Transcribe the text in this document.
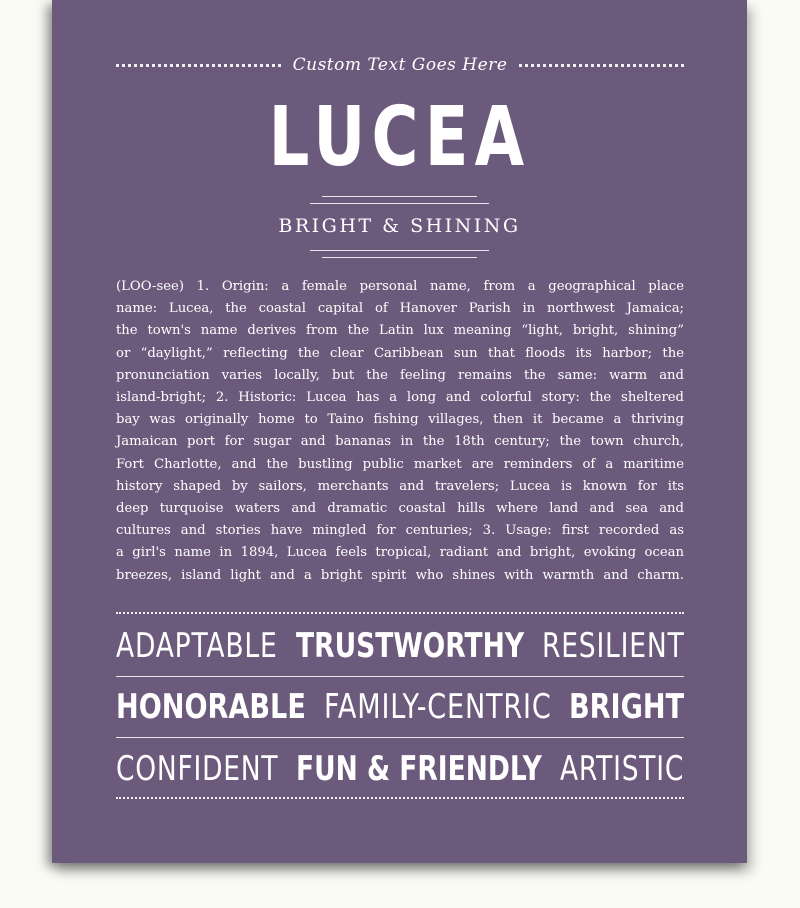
Custom Text Goes Here
LUCEA
BRIGHT & SHINING
(LOO-see) 1. Origin: a female personal name, from a geographical place
name: Lucea, the coastal capital of Hanover Parish in northwest Jamaica;
the town's name derives from the Latin lux meaning “light, bright, shining”
or “daylight,” reflecting the clear Caribbean sun that floods its harbor; the
pronunciation varies locally, but the feeling remains the same: warm and
island-bright; 2. Historic: Lucea has a long and colorful story: the sheltered
bay was originally home to Taino fishing villages, then it became a thriving
Jamaican port for sugar and bananas in the 18th century; the town church,
Fort Charlotte, and the bustling public market are reminders of a maritime
history shaped by sailors, merchants and travelers; Lucea is known for its
deep turquoise waters and dramatic coastal hills where land and sea and
cultures and stories have mingled for centuries; 3. Usage: first recorded as
a girl's name in 1894, Lucea feels tropical, radiant and bright, evoking ocean
breezes, island light and a bright spirit who shines with warmth and charm.
ADAPTABLE TRUSTWORTHY RESILIENT
HONORABLE FAMILY-CENTRIC BRIGHT
CONFIDENT FUN & FRIENDLY ARTISTIC
